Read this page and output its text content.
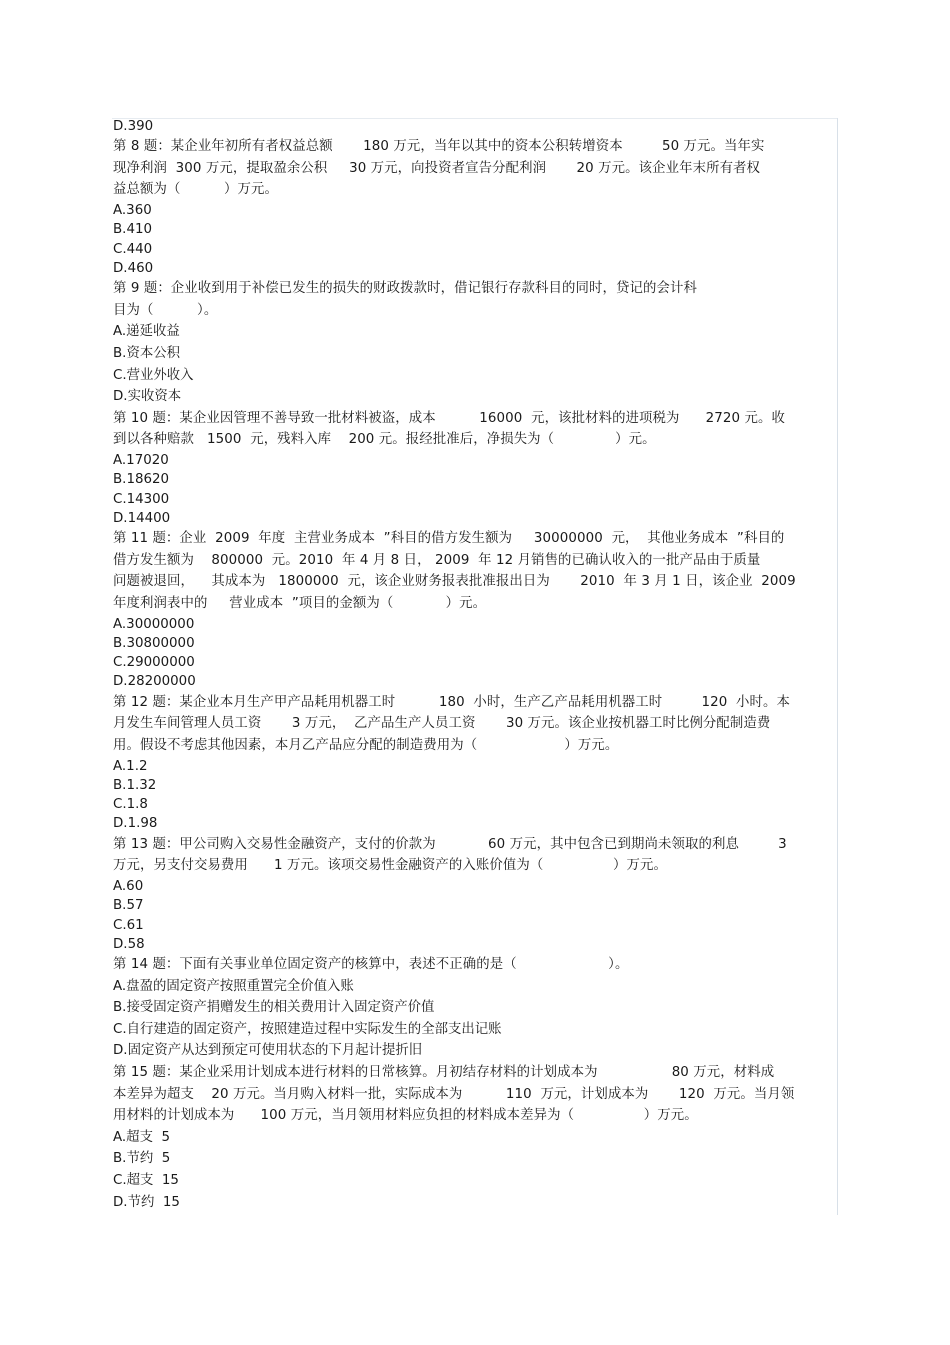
D.390
第 8 题：某企业年初所有者权益总额       180 万元，当年以其中的资本公积转增资本         50 万元。当年实
现净利润  300 万元，提取盈余公积     30 万元，向投资者宣告分配利润       20 万元。该企业年末所有者权
益总额为（          ）万元。
A.360
B.410
C.440
D.460
第 9 题：企业收到用于补偿已发生的损失的财政拨款时，借记银行存款科目的同时，贷记的会计科
目为（          ）。
A.递延收益
B.资本公积
C.营业外收入
D.实收资本
第 10 题：某企业因管理不善导致一批材料被盗，成本          16000  元，该批材料的进项税为      2720 元。收
到以各种赔款   1500  元，残料入库    200 元。报经批准后，净损失为（              ）元。
A.17020
B.18620
C.14300
D.14400
第 11 题：企业  2009  年度  主营业务成本  ”科目的借方发生额为     30000000  元，  其他业务成本  ”科目的
借方发生额为    800000  元。2010  年 4 月 8 日， 2009  年 12 月销售的已确认收入的一批产品由于质量
问题被退回，    其成本为   1800000  元，该企业财务报表批准报出日为       2010  年 3 月 1 日，该企业  2009
年度利润表中的     营业成本  ”项目的金额为（            ）元。
A.30000000
B.30800000
C.29000000
D.28200000
第 12 题：某企业本月生产甲产品耗用机器工时          180  小时，生产乙产品耗用机器工时         120  小时。本
月发生车间管理人员工资       3 万元，  乙产品生产人员工资       30 万元。该企业按机器工时比例分配制造费
用。假设不考虑其他因素，本月乙产品应分配的制造费用为（                    ）万元。
A.1.2
B.1.32
C.1.8
D.1.98
第 13 题：甲公司购入交易性金融资产，支付的价款为            60 万元，其中包含已到期尚未领取的利息         3
万元，另支付交易费用      1 万元。该项交易性金融资产的入账价值为（                ）万元。
A.60
B.57
C.61
D.58
第 14 题：下面有关事业单位固定资产的核算中，表述不正确的是（                     ）。
A.盘盈的固定资产按照重置完全价值入账
B.接受固定资产捐赠发生的相关费用计入固定资产价值
C.自行建造的固定资产，按照建造过程中实际发生的全部支出记账
D.固定资产从达到预定可使用状态的下月起计提折旧
第 15 题：某企业采用计划成本进行材料的日常核算。月初结存材料的计划成本为                 80 万元，材料成
本差异为超支    20 万元。当月购入材料一批，实际成本为          110  万元，计划成本为       120  万元。当月领
用材料的计划成本为      100 万元，当月领用材料应负担的材料成本差异为（                ）万元。
A.超支  5
B.节约  5
C.超支  15
D.节约  15
